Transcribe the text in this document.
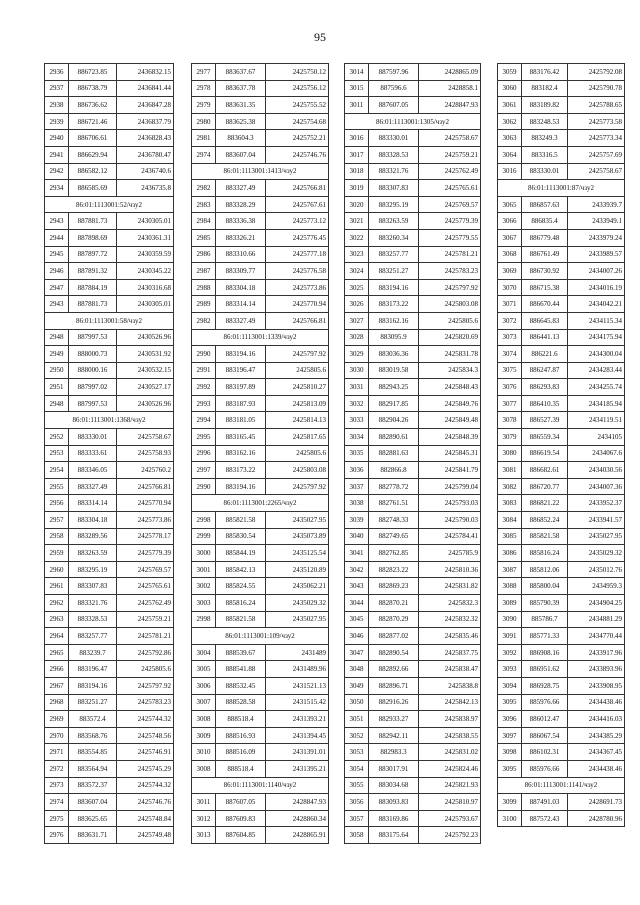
95
2936	886723.85	2436832.15
2937	886738.79	2436841.44
2938	886736.62	2436847.28
2939	886721.46	2436837.79
2940	886706.61	2436828.43
2941	886629.94	2436780.47
2942	886582.12	2436740.6
2934	886585.69	2436735.8
86:01:1113001:52/чзу2		
2943	887881.73	2430305.01
2944	887898.69	2430361.31
2945	887897.72	2430359.59
2946	887891.32	2430345.22
2947	887884.19	2430316.68
2943	887881.73	2430305.01
86:01:1113001:58/чзу2		
2948	887997.53	2430526.96
2949	888000.73	2430531.92
2950	888000.16	2430532.15
2951	887997.02	2430527.17
2948	887997.53	2430526.96
86:01:1113001:1368/чзу2		
2952	883330.01	2425758.67
2953	883333.61	2425758.93
2954	883346.05	2425760.2
2955	883327.49	2425766.81
2956	883314.14	2425770.94
2957	883304.18	2425773.86
2958	883289.56	2425778.17
2959	883263.59	2425779.39
2960	883295.19	2425769.57
2961	883307.83	2425765.61
2962	883321.76	2425762.49
2963	883328.53	2425759.21
2964	883257.77	2425781.21
2965	883239.7	2425792.86
2966	883196.47	2425805.6
2967	883194.16	2425797.92
2968	883251.27	2425783.23
2969	883572.4	2425744.32
2970	883568.76	2425748.56
2971	883554.85	2425746.91
2972	883564.94	2425745.29
2973	883572.37	2425744.32
2974	883607.04	2425746.76
2975	883625.65	2425748.84
2976	883631.71	2425749.48
2977	883637.67	2425750.12
2978	883637.78	2425756.12
2979	883631.35	2425755.52
2980	883625.38	2425754.68
2981	883604.3	2425752.21
2974	883607.04	2425746.76
86:01:1113001:1413/чзу2		
2982	883327.49	2425766.81
2983	883328.29	2425767.61
2984	883336.38	2425773.12
2985	883326.21	2425776.45
2986	883310.66	2425777.18
2987	883309.77	2425776.58
2988	883304.18	2425773.86
2989	883314.14	2425770.94
2982	883327.49	2425766.81
86:01:1113001:1339/чзу2		
2990	883194.16	2425797.92
2991	883196.47	2425805.6
2992	883197.89	2425810.27
2993	883187.93	2425813.09
2994	883181.05	2425814.13
2995	883165.45	2425817.65
2996	883162.16	2425805.6
2997	883173.22	2425803.08
2990	883194.16	2425797.92
86:01:1113001:2265/чзу2		
2998	885821.58	2435027.95
2999	885830.54	2435073.89
3000	885844.19	2435125.54
3001	885842.13	2435120.89
3002	885824.55	2435062.21
3003	885816.24	2435029.32
2998	885821.58	2435027.95
86:01:1113001:109/чзу2		
3004	888539.67	2431489
3005	888541.88	2431489.96
3006	888532.45	2431521.13
3007	888528.58	2431515.42
3008	888518.4	2431393.21
3009	888516.93	2431394.45
3010	888516.09	2431391.01
3008	888518.4	2431395.21
86:01:1113001:1140/чзу2		
3011	887607.05	2428847.93
3012	887609.83	2428860.34
3013	887604.85	2428865.91
3014	887597.96	2428865.09
3015	887596.6	2428858.1
3011	887607.05	2428847.93
86:01:1113001:1305/чзу2		
3016	883330.01	2425758.67
3017	883328.53	2425759.21
3018	883321.76	2425762.49
3019	883307.83	2425765.61
3020	883295.19	2425769.57
3021	883263.59	2425779.39
3022	883260.34	2425779.55
3023	883257.77	2425781.21
3024	883251.27	2425783.23
3025	883194.16	2425797.92
3026	883173.22	2425803.08
3027	883162.16	2425805.6
3028	883095.9	2425820.69
3029	883036.36	2425831.78
3030	883019.58	2425834.3
3031	882943.25	2425848.43
3032	882917.85	2425849.76
3033	882904.26	2425849.48
3034	882890.61	2425848.39
3035	882881.63	2425845.31
3036	882866.8	2425841.79
3037	882778.72	2425799.04
3038	882761.51	2425793.03
3039	882748.33	2425790.03
3040	882749.65	2425784.41
3041	882762.85	2425785.9
3042	882823.22	2425810.36
3043	882869.23	2425831.82
3044	882870.21	2425832.3
3045	882870.29	2425832.32
3046	882877.02	2425835.46
3047	882890.54	2425837.75
3048	882892.66	2425838.47
3049	882896.71	2425838.8
3050	882916.26	2425842.13
3051	882933.27	2425838.97
3052	882942.11	2425838.55
3053	882983.3	2425831.02
3054	883017.91	2425824.46
3055	883034.68	2425821.93
3056	883093.83	2425810.97
3057	883169.86	2425793.67
3058	883175.64	2425792.23
3059	883176.42	2425792.08
3060	883182.4	2425790.78
3061	883189.82	2425788.65
3062	883248.53	2425773.58
3063	883249.3	2425773.34
3064	883316.5	2425757.69
3016	883330.01	2425758.67
86:01:1113001:87/чзу2		
3065	886857.63	2433939.7
3066	886835.4	2433949.1
3067	886779.48	2433979.24
3068	886761.49	2433989.57
3069	886730.92	2434007.26
3070	886715.38	2434016.19
3071	886670.44	2434042.21
3072	886645.83	2434115.34
3073	886441.13	2434175.94
3074	886221.6	2434300.04
3075	886247.87	2434283.44
3076	886293.83	2434255.74
3077	886410.35	2434185.94
3078	886527.39	2434119.51
3079	886559.34	2434105
3080	886619.54	2434067.6
3081	886682.61	2434030.56
3082	886720.77	2434007.36
3083	886821.22	2433952.37
3084	886852.24	2433941.57
3085	885821.58	2435027.95
3086	885816.24	2435029.32
3087	885812.06	2435012.76
3088	885800.04	2434959.3
3089	885790.39	2434904.25
3090	885786.7	2434881.29
3091	885771.33	2434770.44
3092	886908.16	2433917.96
3093	886951.62	2433893.96
3094	886928.75	2433908.95
3095	885976.66	2434438.46
3096	886012.47	2434416.03
3097	886067.54	2434385.29
3098	886102.31	2434367.45
3095	885976.66	2434438.46
86:01:1113001:1141/чзу2		
3099	887491.03	2428691.73
3100	887572.43	2428780.96
